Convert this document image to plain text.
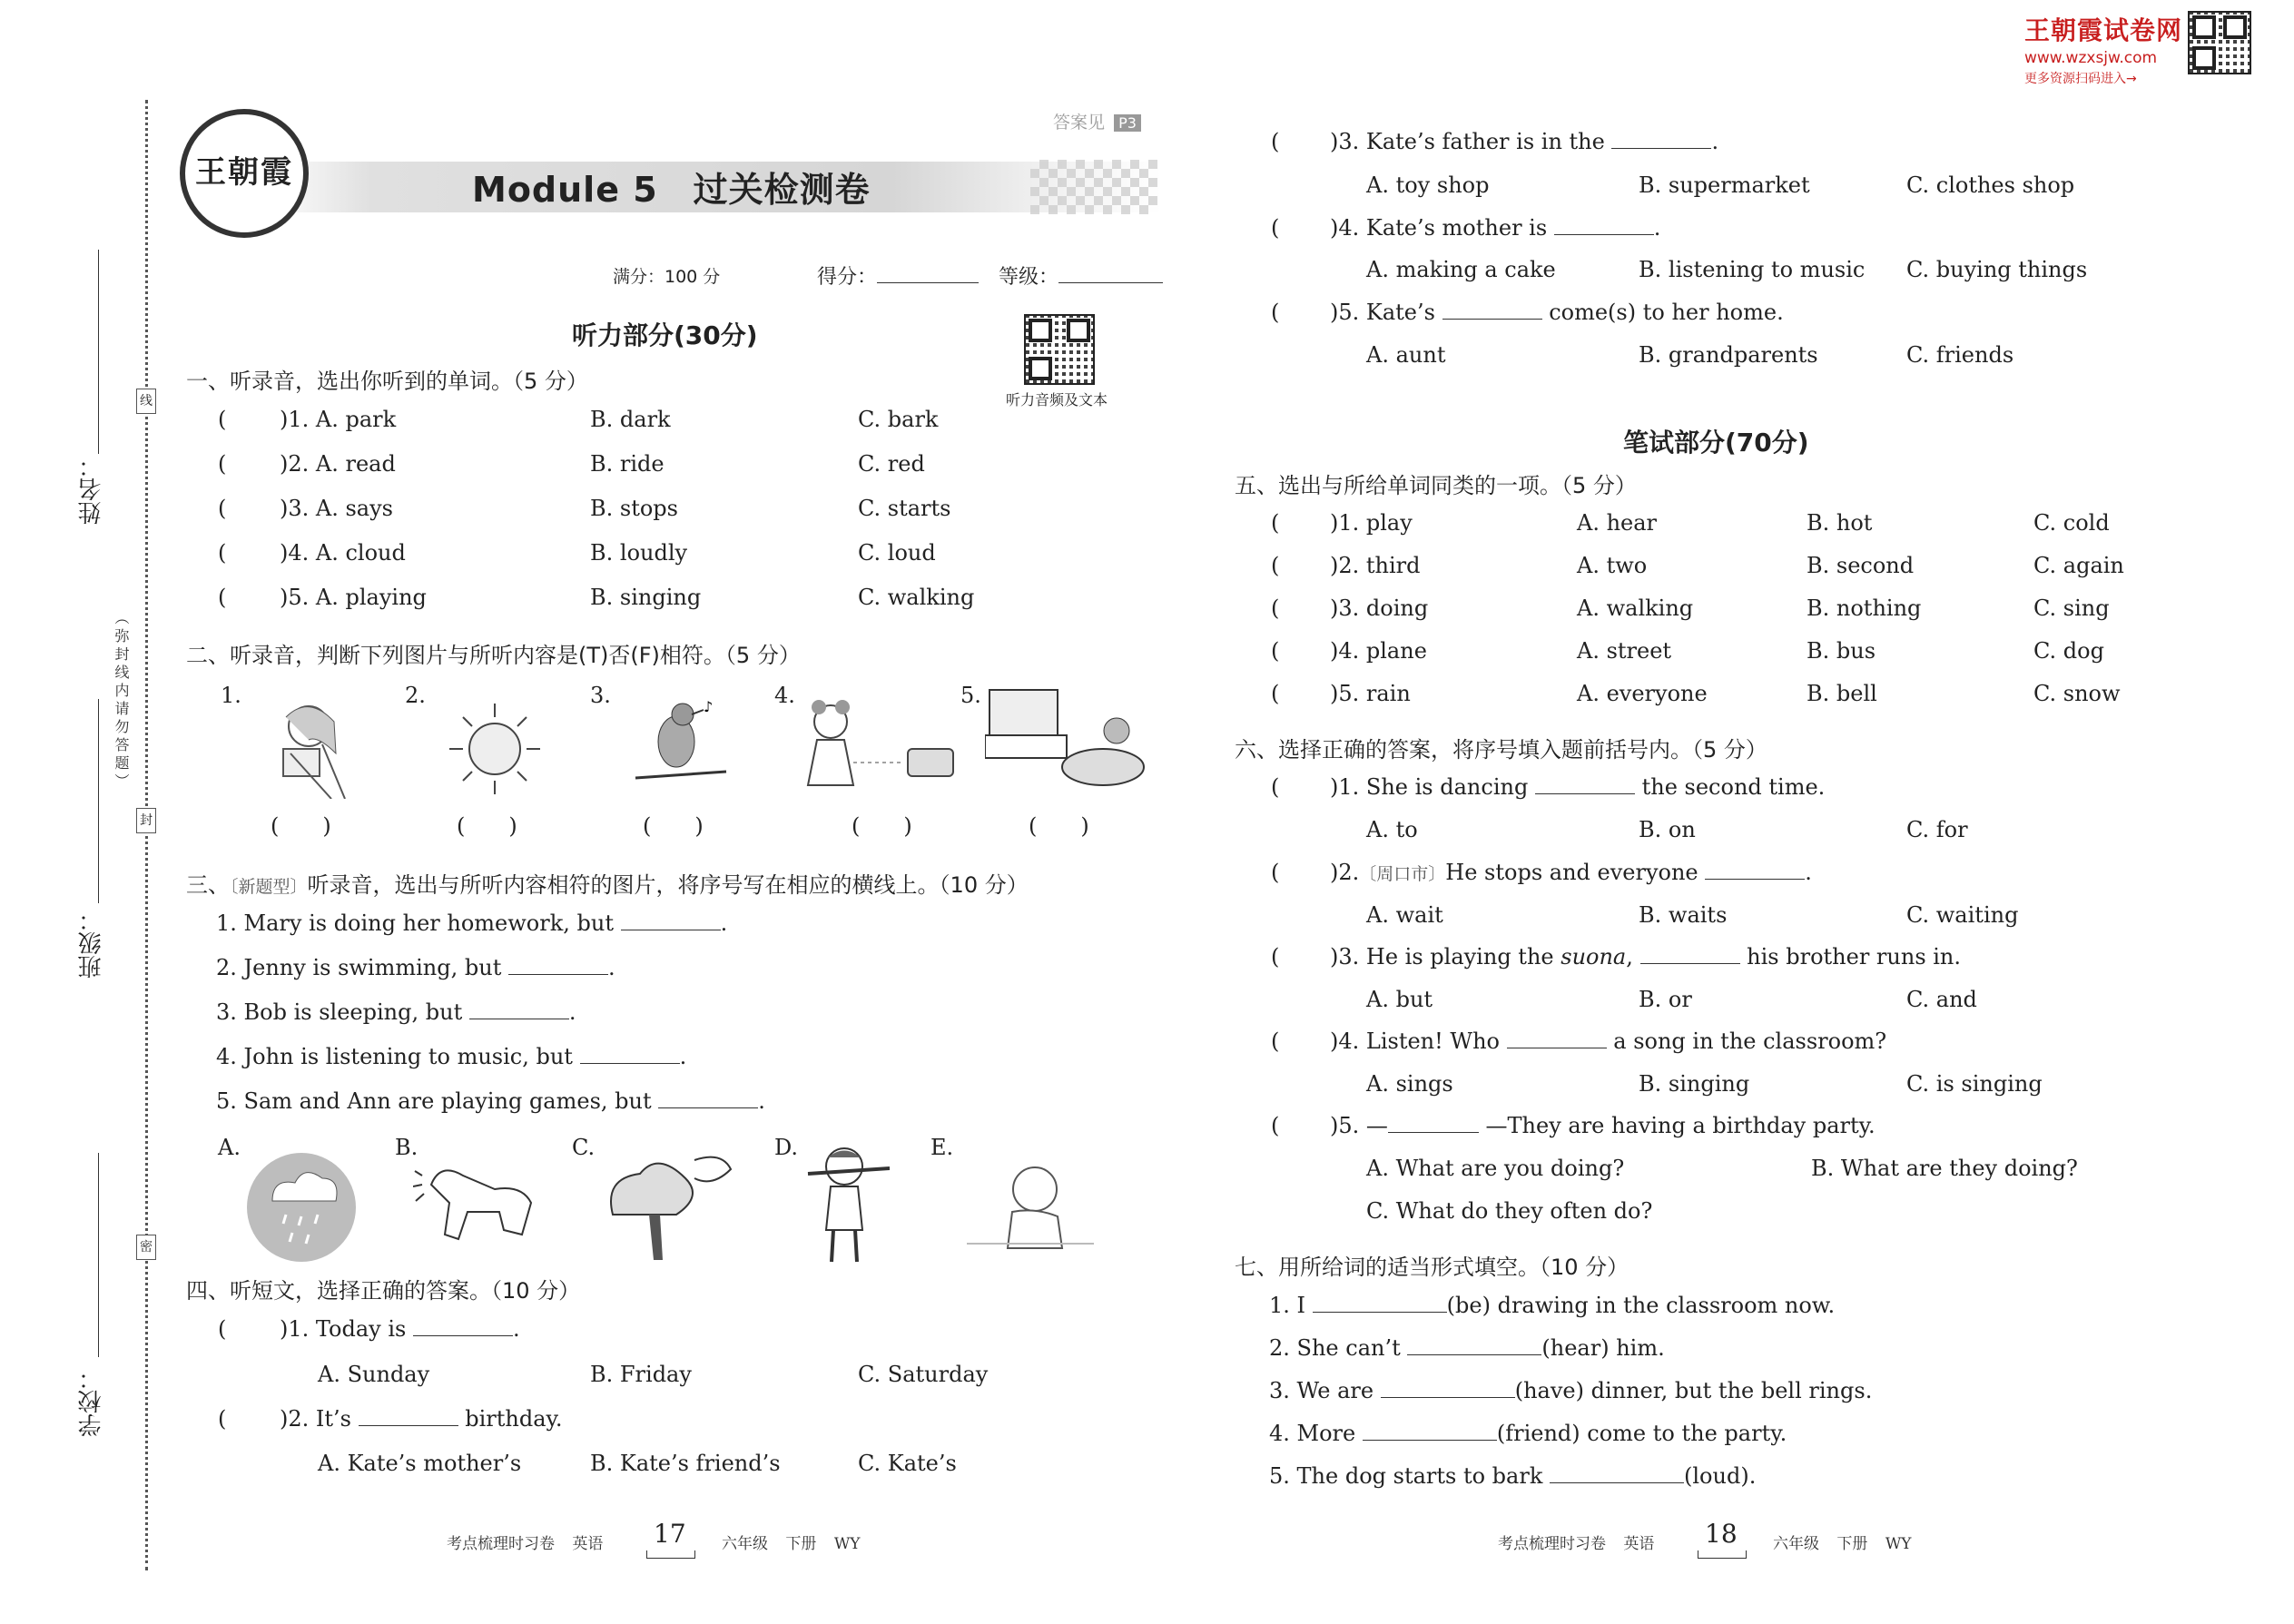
王朝霞试卷网
www.wzxsjw.com
更多资源扫码进入→
线
封
密
姓名：
班级：
学校：
（弥封线内请勿答题）
王朝霞	Module 5　过关检测卷
答案见 P3
满分：100 分	得分：	等级：
听力音频及文本
听力部分(30分)
一、听录音，选出你听到的单词。（5 分）
( )1. A. park	B. dark	C. bark
( )2. A. read	B. ride	C. red
( )3. A. says	B. stops	C. starts
( )4. A. cloud	B. loudly	C. loud
( )5. A. playing	B. singing	C. walking
二、听录音，判断下列图片与所听内容是(T)否(F)相符。（5 分）
1.	2.	3.	4.	5.
♪
(　　)	(　　)	(　　)	(　　)	(　　)
三、〔新题型〕听录音，选出与所听内容相符的图片，将序号写在相应的横线上。（10 分）
1. Mary is doing her homework, but	.
2. Jenny is swimming, but	.
3. Bob is sleeping, but	.
4. John is listening to music, but	.
5. Sam and Ann are playing games, but	.
A.	B.	C.	D.	E.
四、听短文，选择正确的答案。（10 分）
( )1. Today is	.
A. Sunday	B. Friday	C. Saturday
( )2. It’s	birthday.
A. Kate’s mother’s	B. Kate’s friend’s	C. Kate’s
考点梳理时习卷 英语 17 六年级 下册 WY
( )3. Kate’s father is in the	.
A. toy shop	B. supermarket	C. clothes shop
( )4. Kate’s mother is	.
A. making a cake	B. listening to music C. buying things
( )5. Kate’s	come(s) to her home.
A. aunt	B. grandparents	C. friends
笔试部分(70分)
五、选出与所给单词同类的一项。（5 分）
( )1. play	A. hear	B. hot	C. cold
( )2. third	A. two	B. second	C. again
( )3. doing	A. walking	B. nothing	C. sing
( )4. plane	A. street	B. bus	C. dog
( )5. rain	A. everyone	B. bell	C. snow
六、选择正确的答案，将序号填入题前括号内。（5 分）
( )1. She is dancing	the second time.
A. to	B. on	C. for
( )2.〔周口市〕He stops and everyone	.
A. wait	B. waits	C. waiting
( )3. He is playing the suona,	his brother runs in.
A. but	B. or	C. and
( )4. Listen! Who	a song in the classroom?
A. sings	B. singing	C. is singing
( )5. —	—They are having a birthday party.
A. What are you doing?	B. What are they doing?
C. What do they often do?
七、用所给词的适当形式填空。（10 分）
1. I	(be) drawing in the classroom now.
2. She can’t	(hear) him.
3. We are	(have) dinner, but the bell rings.
4. More	(friend) come to the party.
5. The dog starts to bark	(loud).
考点梳理时习卷 英语 18 六年级 下册 WY
